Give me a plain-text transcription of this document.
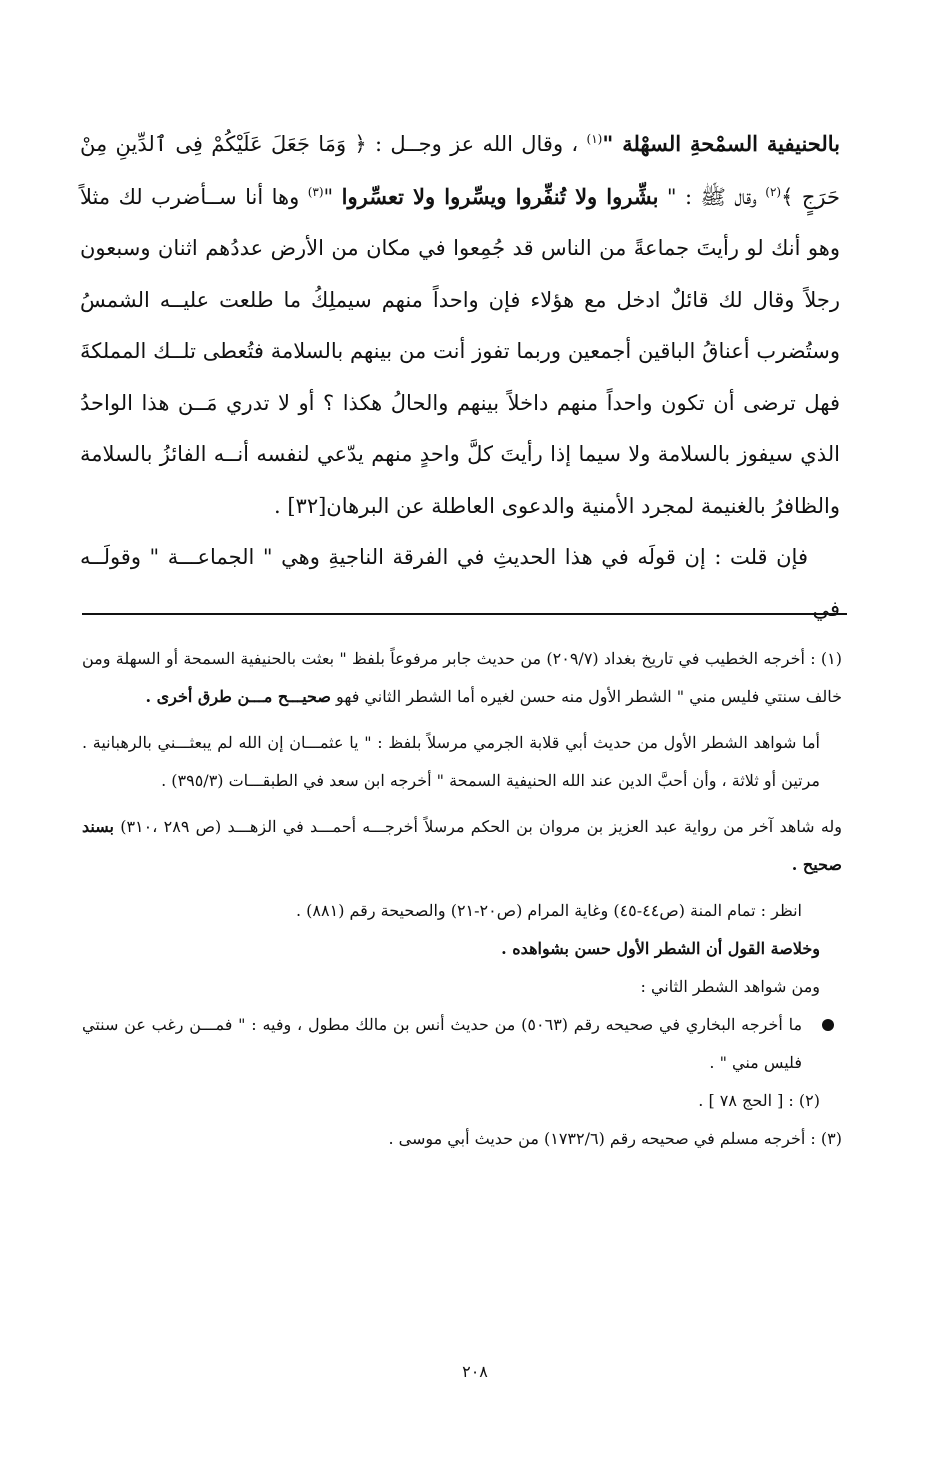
بالحنيفية السمْحةِ السهْلة "$^{(١)}$ ، وقال الله عز وجــل : ﴿ وَمَا جَعَلَ عَلَيْكُمْ فِى ٱلدِّينِ مِنْ حَرَجٍ ﴾$^{(٢)}$ وقال ﷺ : " بشِّروا ولا تُنفِّروا ويسِّروا ولا تعسِّروا "$^{(٣)}$ وها أنا ســأضرب لك مثلاً وهو أنك لو رأيتَ جماعةً من الناس قد جُمِعوا في مكان من الأرض عددُهم اثنان وسبعون رجلاً وقال لك قائلٌ ادخل مع هؤلاء فإن واحداً منهم سيملِكُ ما طلعت عليــه الشمسُ وستُضرب أعناقُ الباقين أجمعين وربما تفوز أنت من بينهم بالسلامة فتُعطى تلــك المملكةَ فهل ترضى أن تكون واحداً منهم داخلاً بينهم والحالُ هكذا ؟ أو لا تدري مَــن هذا الواحدُ الذي سيفوز بالسلامة ولا سيما إذا رأيتَ كلَّ واحدٍ منهم يدّعي لنفسه أنــه الفائزُ بالسلامة والظافرُ بالغنيمة لمجرد الأمنية والدعوى العاطلة عن البرهان[٣٢] .

فإن قلت : إن قولَه في هذا الحديثِ في الفرقة الناجيةِ وهي " الجماعـــة " وقولَــه في

(١) : أخرجه الخطيب في تاريخ بغداد (٢٠٩/٧) من حديث جابر مرفوعاً بلفظ " بعثت بالحنيفية السمحة أو السهلة ومن خالف سنتي فليس مني " الشطر الأول منه حسن لغيره أما الشطر الثاني فهو صحيـــح مـــن طرق أخرى .

أما شواهد الشطر الأول من حديث أبي قلابة الجرمي مرسلاً بلفظ : " يا عثمـــان إن الله لم يبعثـــني بالرهبانية . مرتين أو ثلاثة ، وأن أحبَّ الدين عند الله الحنيفية السمحة " أخرجه ابن سعد في الطبقـــات (٣٩٥/٣) .

وله شاهد آخر من رواية عبد العزيز بن مروان بن الحكم مرسلاً أخرجـــه أحمـــد في الزهـــد (ص ٢٨٩ ،٣١٠) بسند صحيح .

انظر : تمام المنة (ص٤٤-٤٥) وغاية المرام (ص٢٠-٢١) والصحيحة رقم (٨٨١) .

وخلاصة القول أن الشطر الأول حسن بشواهده .

ومن شواهد الشطر الثاني :

ما أخرجه البخاري في صحيحه رقم (٥٠٦٣) من حديث أنس بن مالك مطول ، وفيه : " فمـــن رغب عن سنتي فليس مني " .

(٢) : [ الحج ٧٨ ] .

(٣) : أخرجه مسلم في صحيحه رقم (١٧٣٢/٦) من حديث أبي موسى .

٢٠٨
